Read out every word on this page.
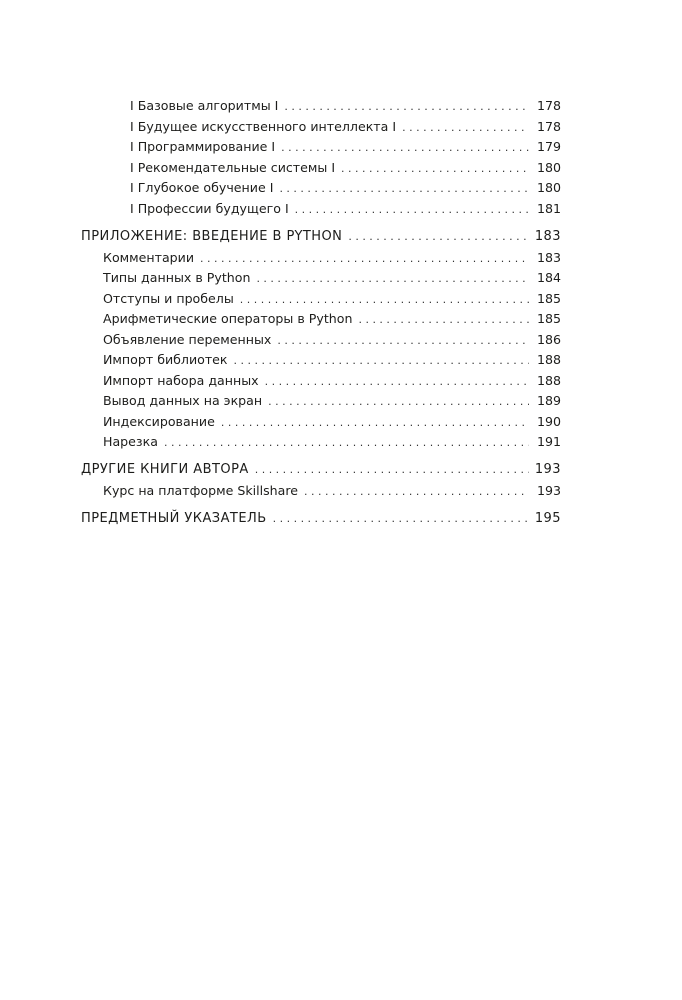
I Базовые алгоритмы I . . .	178
I Будущее искусственного интеллекта I . . .	178
I Программирование I . . .	179
I Рекомендательные системы I . . .	180
I Глубокое обучение I . . .	180
I Профессии будущего I . . .	181
ПРИЛОЖЕНИЕ: ВВЕДЕНИЕ В PYTHON . . .	183
Комментарии . . .	183
Типы данных в Python . . .	184
Отступы и пробелы . . .	185
Арифметические операторы в Python . . .	185
Объявление переменных . . .	186
Импорт библиотек . . .	188
Импорт набора данных . . .	188
Вывод данных на экран . . .	189
Индексирование . . .	190
Нарезка . . .	191
ДРУГИЕ КНИГИ АВТОРА . . .	193
Курс на платформе Skillshare . . .	193
ПРЕДМЕТНЫЙ УКАЗАТЕЛЬ . . .	195
